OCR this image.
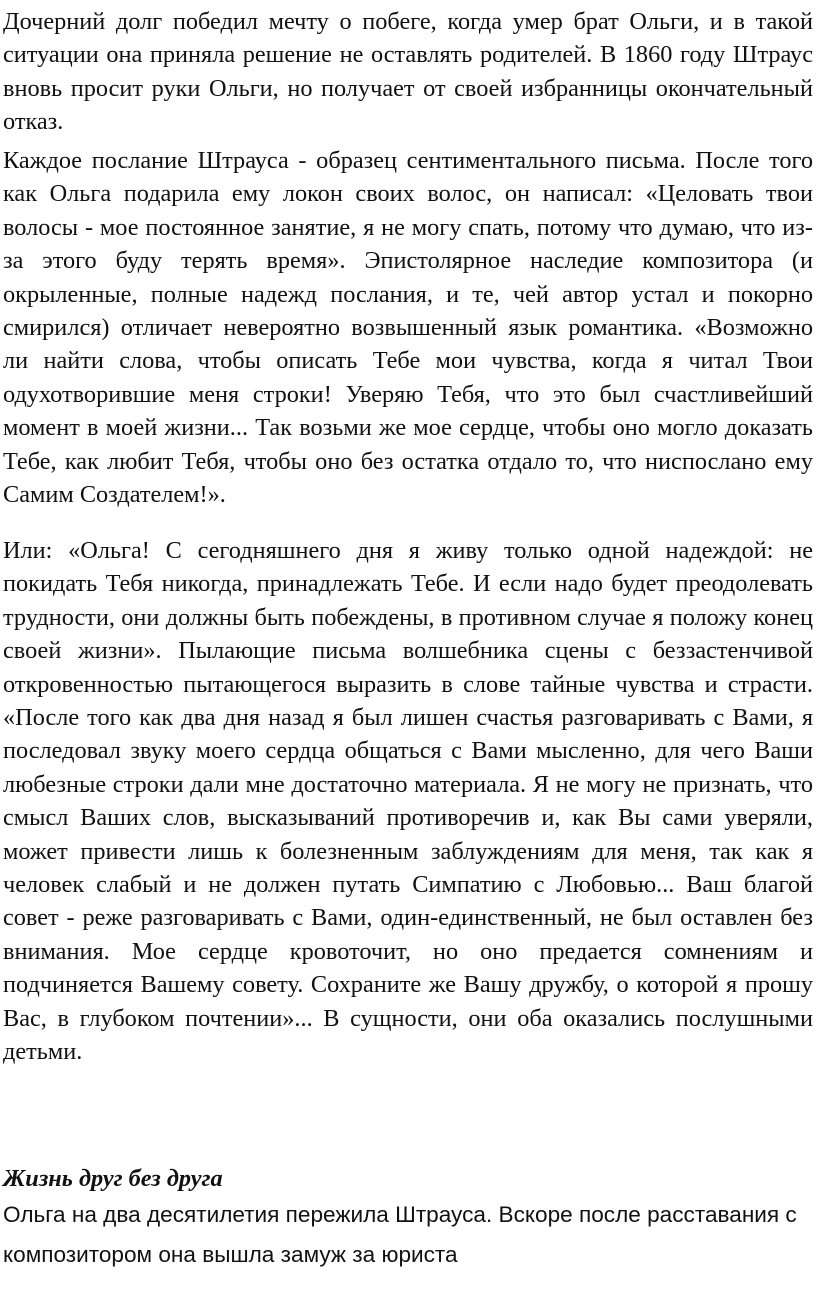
Дочерний долг победил мечту о побеге, когда умер брат Ольги, и в такой ситуации она приняла решение не оставлять родителей. В 1860 году Штраус вновь просит руки Ольги, но получает от своей избранницы окончательный отказ.

Каждое послание Штрауса - образец сентиментального письма. После того как Ольга подарила ему локон своих волос, он написал: «Целовать твои волосы - мое постоянное занятие, я не могу спать, потому что думаю, что из-за этого буду терять время». Эпистолярное наследие композитора (и окрыленные, полные надежд послания, и те, чей автор устал и покорно смирился) отличает невероятно возвышенный язык романтика. «Возможно ли найти слова, чтобы описать Тебе мои чувства, когда я читал Твои одухотворившие меня строки! Уверяю Тебя, что это был счастливейший момент в моей жизни... Так возьми же мое сердце, чтобы оно могло доказать Тебе, как любит Тебя, чтобы оно без остатка отдало то, что ниспослано ему Самим Создателем!».

Или: «Ольга! С сегодняшнего дня я живу только одной надеждой: не покидать Тебя никогда, принадлежать Тебе. И если надо будет преодолевать трудности, они должны быть побеждены, в противном случае я положу конец своей жизни». Пылающие письма волшебника сцены с беззастенчивой откровенностью пытающегося выразить в слове тайные чувства и страсти. «После того как два дня назад я был лишен счастья разговаривать с Вами, я последовал звуку моего сердца общаться с Вами мысленно, для чего Ваши любезные строки дали мне достаточно материала. Я не могу не признать, что смысл Ваших слов, высказываний противоречив и, как Вы сами уверяли, может привести лишь к болезненным заблуждениям для меня, так как я человек слабый и не должен путать Симпатию с Любовью... Ваш благой совет - реже разговаривать с Вами, один-единственный, не был оставлен без внимания. Мое сердце кровоточит, но оно предается сомнениям и подчиняется Вашему совету. Сохраните же Вашу дружбу, о которой я прошу Вас, в глубоком почтении»... В сущности, они оба оказались послушными детьми.

Жизнь друг без друга

Ольга на два десятилетия пережила Штрауса. Вскоре после расставания с композитором она вышла замуж за юриста
